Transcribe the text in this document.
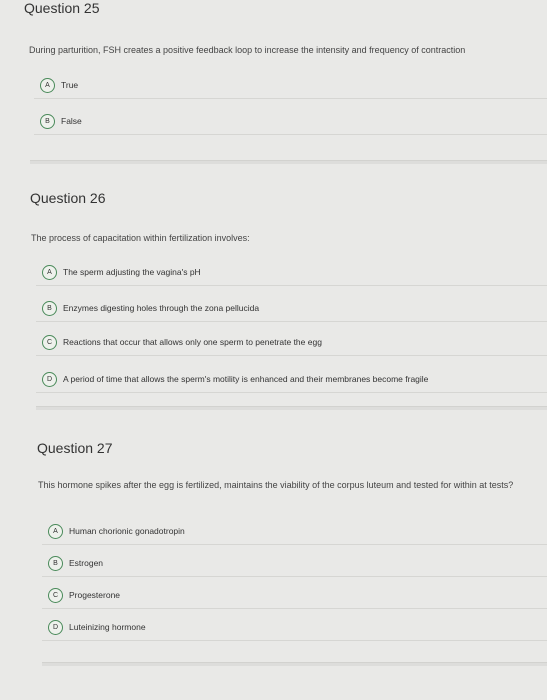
Question 25
During parturition, FSH creates a positive feedback loop to increase the intensity and frequency of contraction
A	True
B	False
Question 26
The process of capacitation within fertilization involves:
A	The sperm adjusting the vagina's pH
B	Enzymes digesting holes through the zona pellucida
C	Reactions that occur that allows only one sperm to penetrate the egg
D	A period of time that allows the sperm's motility is enhanced and their membranes become fragile
Question 27
This hormone spikes after the egg is fertilized, maintains the viability of the corpus luteum and tested for within at tests?
A	Human chorionic gonadotropin
B	Estrogen
C	Progesterone
D	Luteinizing hormone
